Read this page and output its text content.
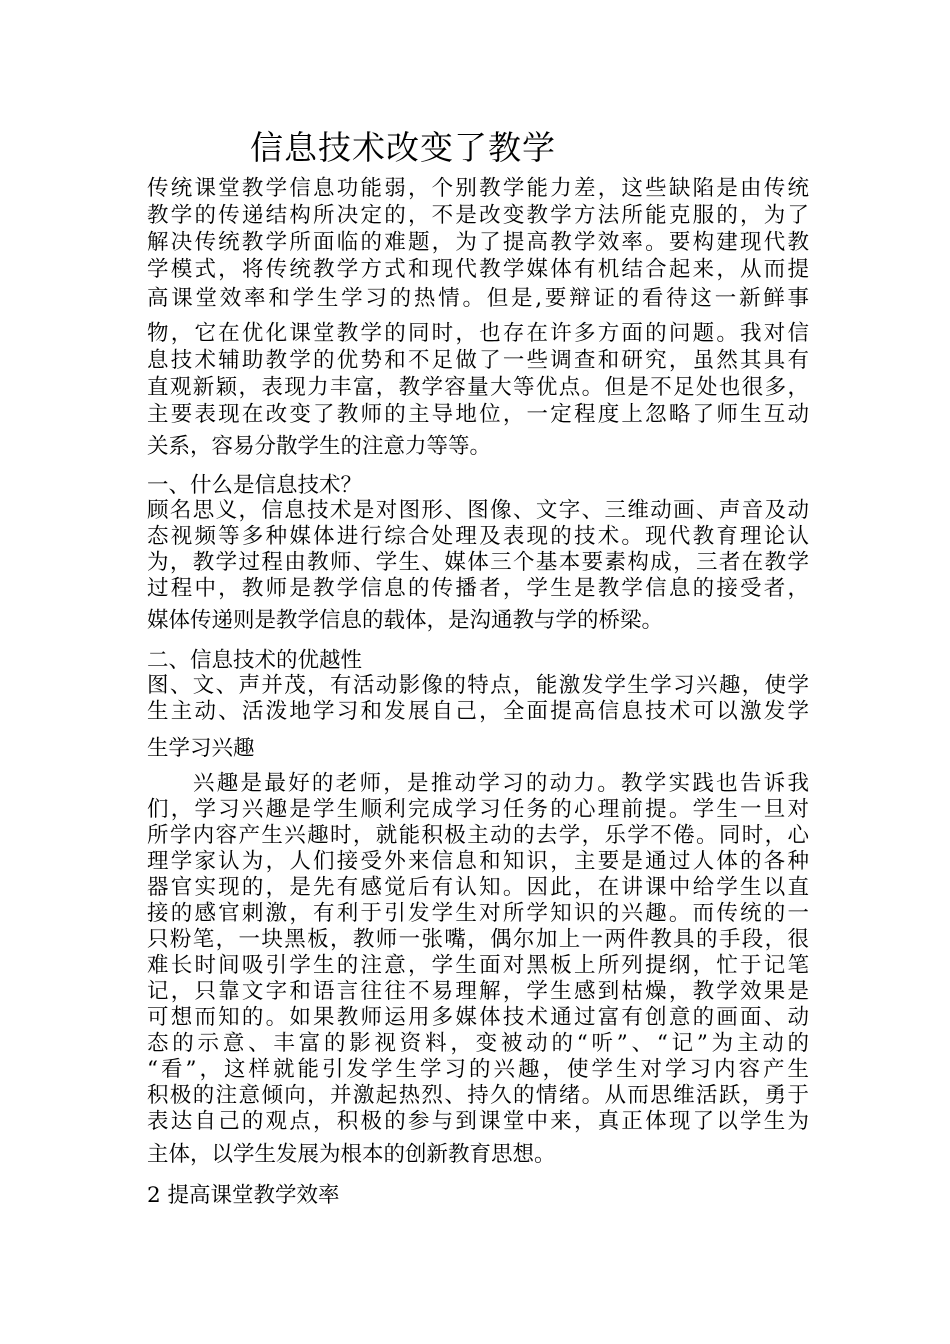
信息技术改变了教学
传统课堂教学信息功能弱，个别教学能力差，这些缺陷是由传统
教学的传递结构所决定的，不是改变教学方法所能克服的，为了
解决传统教学所面临的难题，为了提高教学效率。要构建现代教
学模式，将传统教学方式和现代教学媒体有机结合起来，从而提
高课堂效率和学生学习的热情。但是,要辩证的看待这一新鲜事
物，它在优化课堂教学的同时，也存在许多方面的问题。我对信
息技术辅助教学的优势和不足做了一些调查和研究，虽然其具有
直观新颖，表现力丰富，教学容量大等优点。但是不足处也很多，
主要表现在改变了教师的主导地位，一定程度上忽略了师生互动
关系，容易分散学生的注意力等等。
一、什么是信息技术？
顾名思义，信息技术是对图形、图像、文字、三维动画、声音及动
态视频等多种媒体进行综合处理及表现的技术。现代教育理论认
为，教学过程由教师、学生、媒体三个基本要素构成，三者在教学
过程中，教师是教学信息的传播者，学生是教学信息的接受者，
媒体传递则是教学信息的载体，是沟通教与学的桥梁。
二、信息技术的优越性
图、文、声并茂，有活动影像的特点，能激发学生学习兴趣，使学
生主动、活泼地学习和发展自己，全面提高信息技术可以激发学
生学习兴趣
兴趣是最好的老师，是推动学习的动力。教学实践也告诉我
们，学习兴趣是学生顺利完成学习任务的心理前提。学生一旦对
所学内容产生兴趣时，就能积极主动的去学，乐学不倦。同时，心
理学家认为，人们接受外来信息和知识，主要是通过人体的各种
器官实现的，是先有感觉后有认知。因此，在讲课中给学生以直
接的感官刺激，有利于引发学生对所学知识的兴趣。而传统的一
只粉笔，一块黑板，教师一张嘴，偶尔加上一两件教具的手段，很
难长时间吸引学生的注意，学生面对黑板上所列提纲，忙于记笔
记，只靠文字和语言往往不易理解，学生感到枯燥，教学效果是
可想而知的。如果教师运用多媒体技术通过富有创意的画面、动
态的示意、丰富的影视资料，变被动的“听”、“记”为主动的
“看”，这样就能引发学生学习的兴趣，使学生对学习内容产生
积极的注意倾向，并激起热烈、持久的情绪。从而思维活跃，勇于
表达自己的观点，积极的参与到课堂中来，真正体现了以学生为
主体，以学生发展为根本的创新教育思想。
2 提高课堂教学效率
